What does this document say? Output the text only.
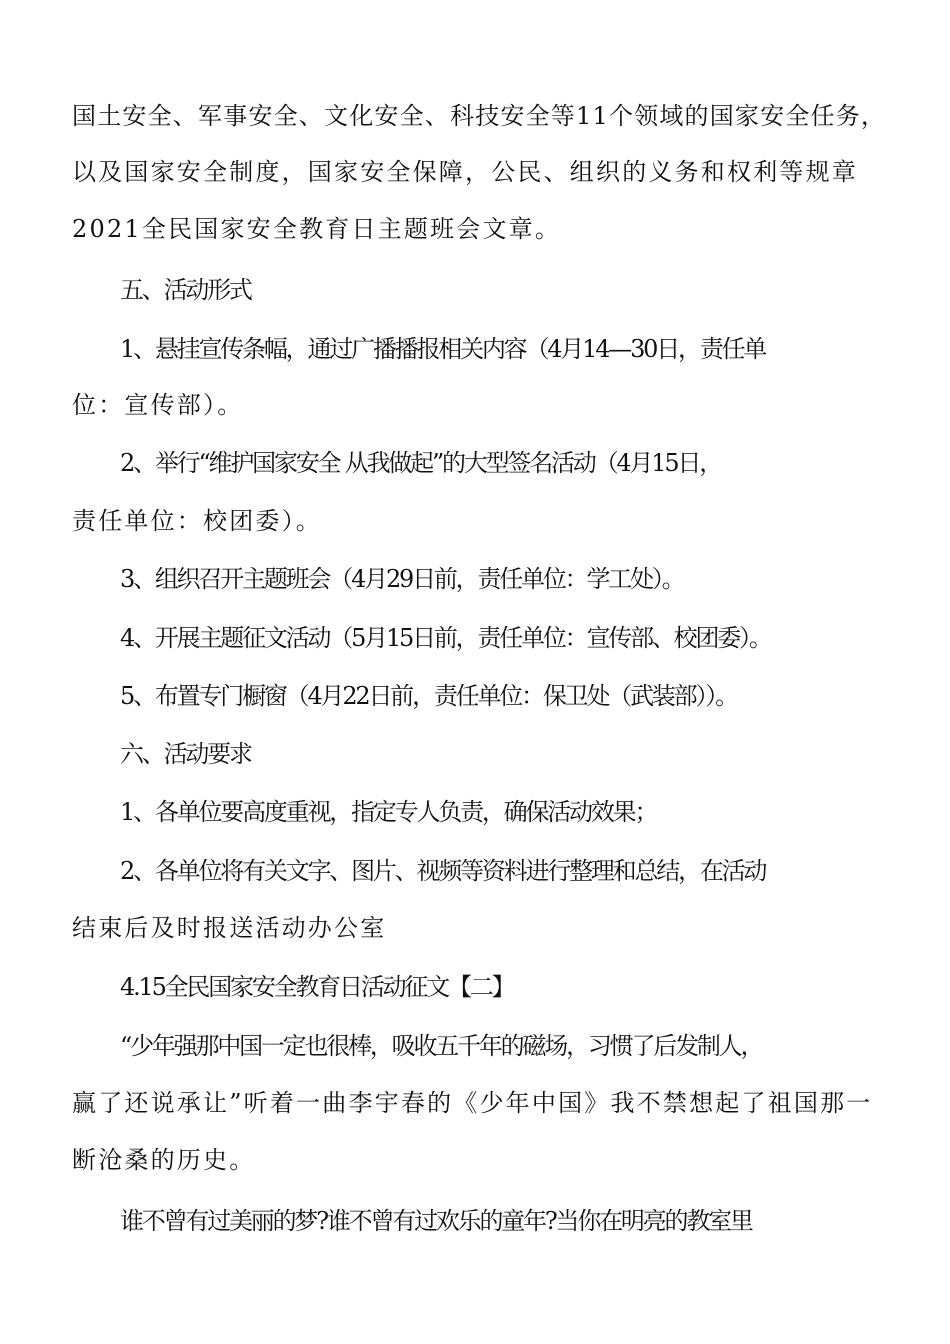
国土安全、军事安全、文化安全、科技安全等11个领域的国家安全任务，
以及国家安全制度，国家安全保障，公民、组织的义务和权利等规章
2021全民国家安全教育日主题班会文章。
五、活动形式
1、悬挂宣传条幅，通过广播播报相关内容（4月14—30日，责任单
位：宣传部）。
2、举行“维护国家安全 从我做起”的大型签名活动（4月15日，
责任单位：校团委）。
3、组织召开主题班会（4月29日前，责任单位：学工处）。
4、开展主题征文活动（5月15日前，责任单位：宣传部、校团委）。
5、布置专门橱窗（4月22日前，责任单位：保卫处（武装部））。
六、活动要求
1、各单位要高度重视，指定专人负责，确保活动效果；
2、各单位将有关文字、图片、视频等资料进行整理和总结，在活动
结束后及时报送活动办公室
4.15全民国家安全教育日活动征文【二】
“少年强那中国一定也很棒，吸收五千年的磁场，习惯了后发制人，
赢了还说承让”听着一曲李宇春的《少年中国》我不禁想起了祖国那一
断沧桑的历史。
谁不曾有过美丽的梦?谁不曾有过欢乐的童年?当你在明亮的教室里
